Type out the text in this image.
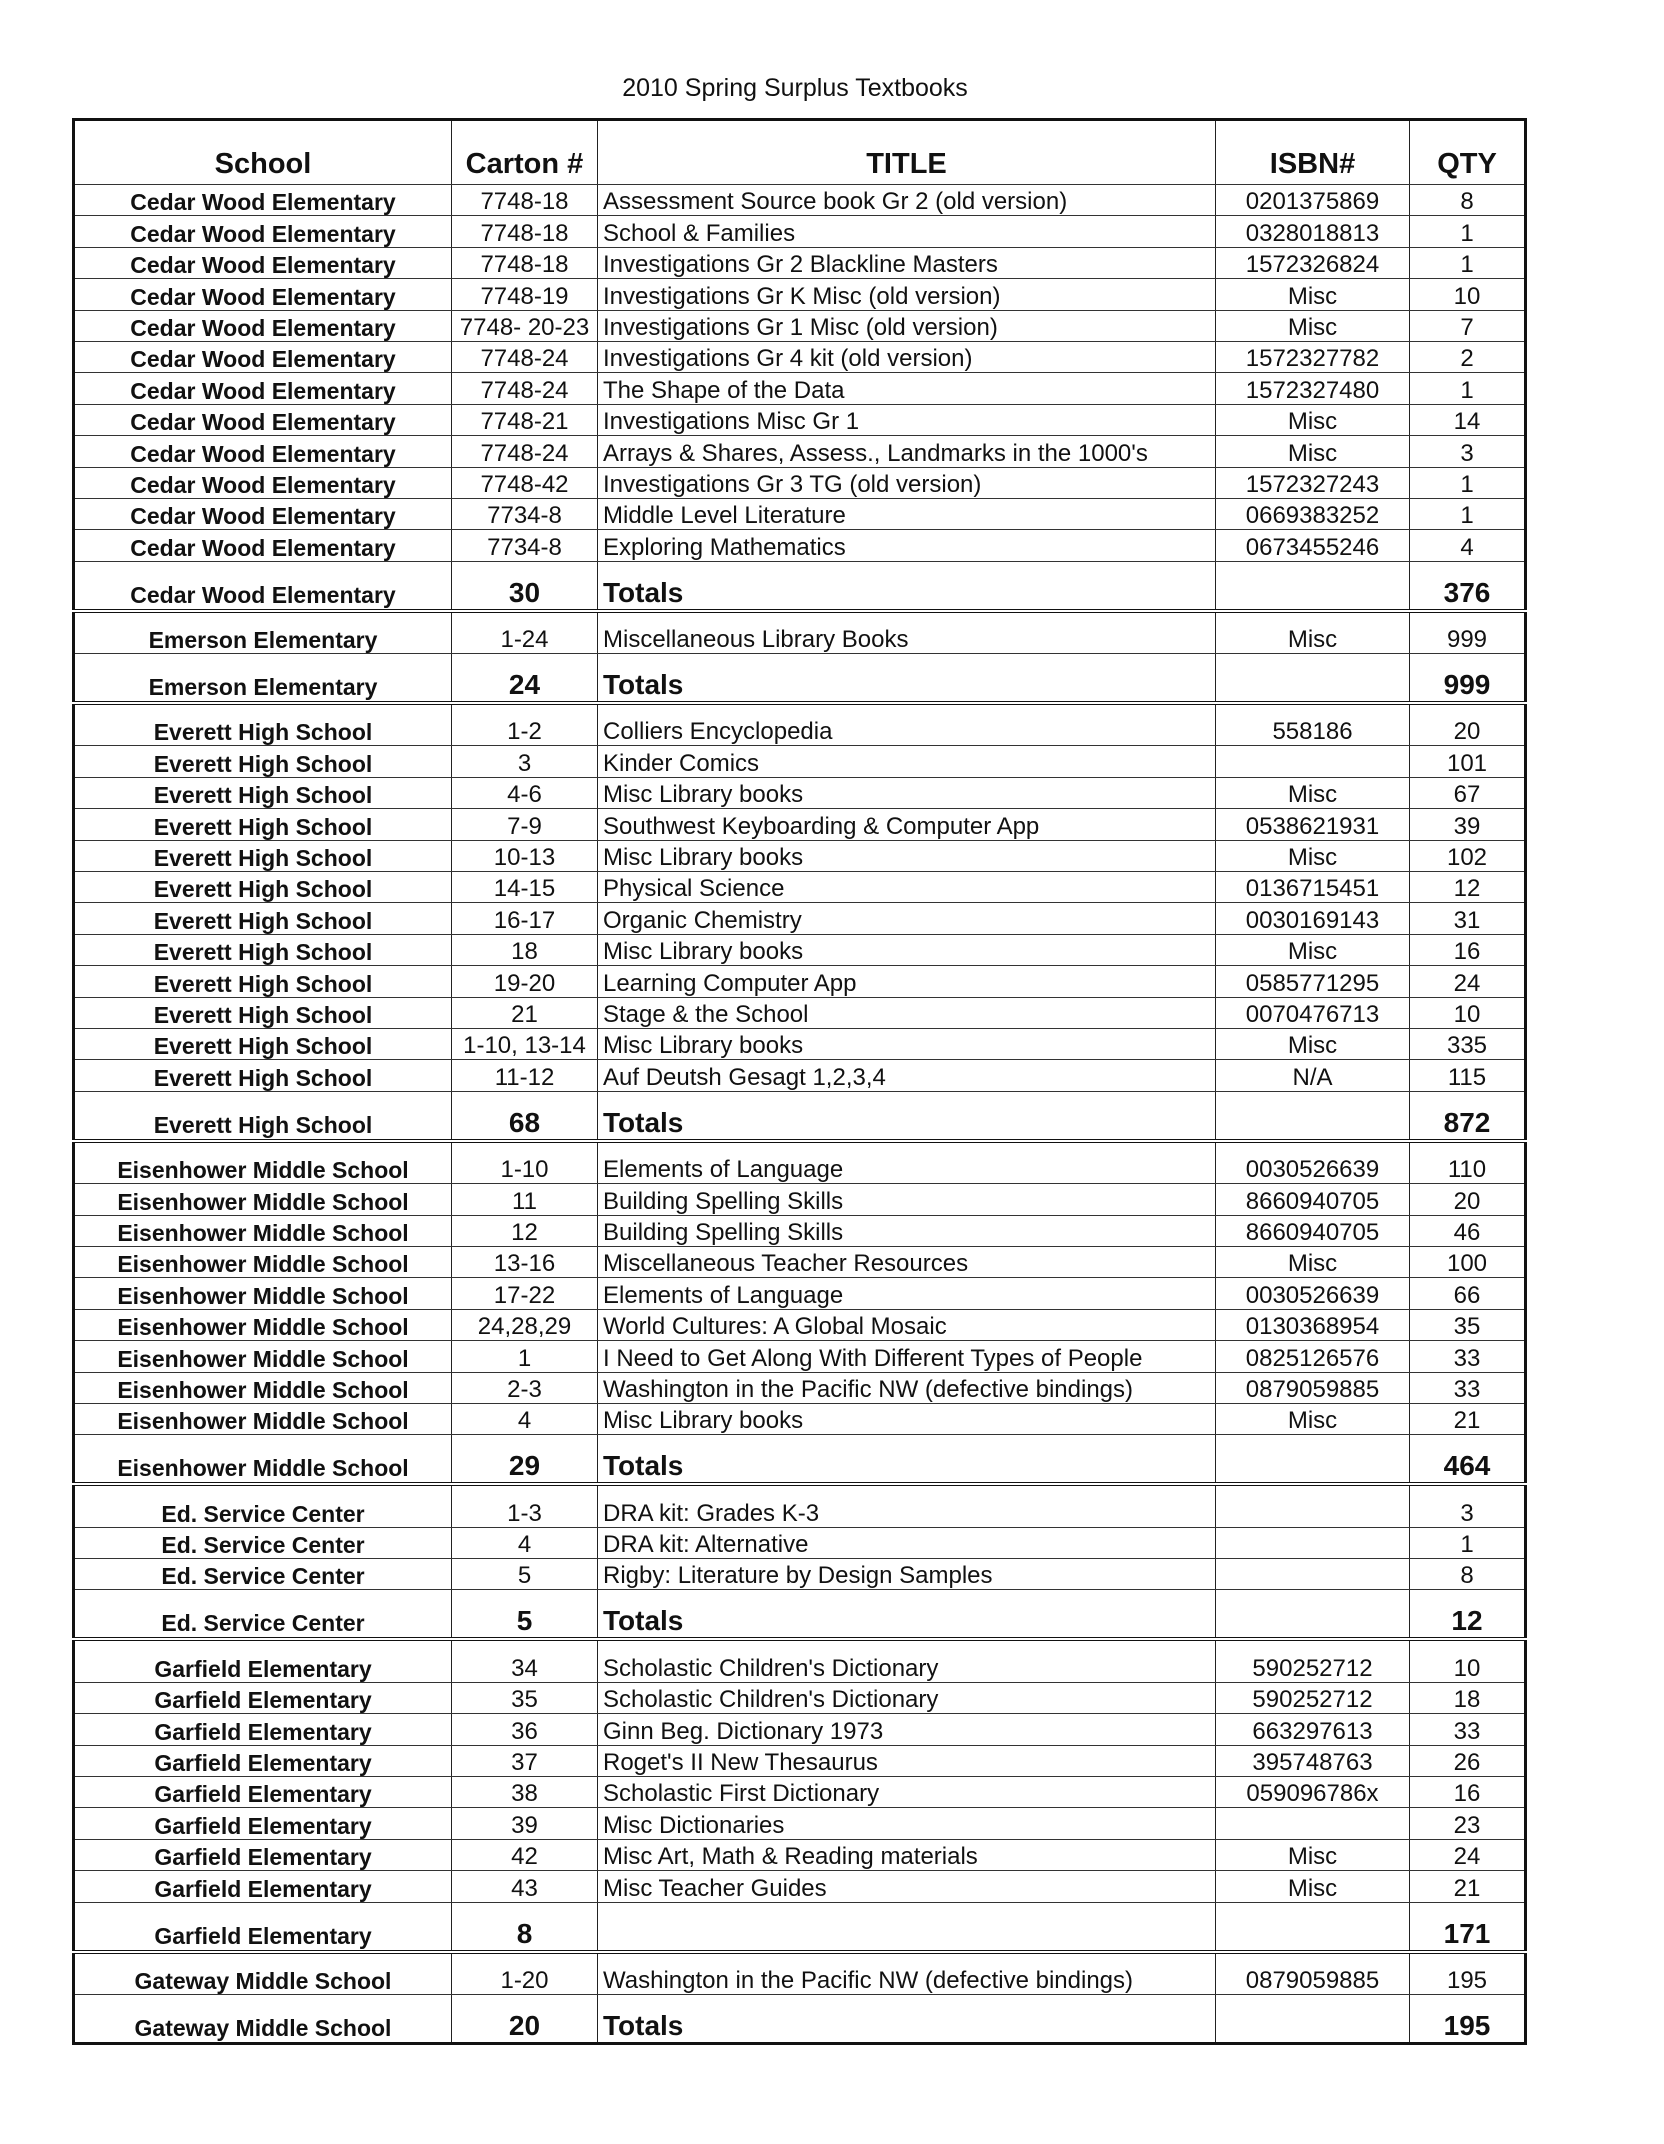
2010 Spring Surplus Textbooks
School	Carton #	TITLE	ISBN#	QTY
Cedar Wood Elementary	7748-18	Assessment Source book Gr 2 (old version)	0201375869	8
Cedar Wood Elementary	7748-18	School & Families	0328018813	1
Cedar Wood Elementary	7748-18	Investigations Gr 2 Blackline Masters	1572326824	1
Cedar Wood Elementary	7748-19	Investigations Gr K Misc (old version)	Misc	10
Cedar Wood Elementary	7748- 20-23	Investigations Gr 1 Misc (old version)	Misc	7
Cedar Wood Elementary	7748-24	Investigations Gr 4 kit (old version)	1572327782	2
Cedar Wood Elementary	7748-24	The Shape of the Data	1572327480	1
Cedar Wood Elementary	7748-21	Investigations Misc Gr 1	Misc	14
Cedar Wood Elementary	7748-24	Arrays & Shares, Assess., Landmarks in the 1000's	Misc	3
Cedar Wood Elementary	7748-42	Investigations Gr 3 TG (old version)	1572327243	1
Cedar Wood Elementary	7734-8	Middle Level Literature	0669383252	1
Cedar Wood Elementary	7734-8	Exploring Mathematics	0673455246	4
Cedar Wood Elementary	30	Totals		376

Emerson Elementary	1-24	Miscellaneous Library Books	Misc	999
Emerson Elementary	24	Totals		999

Everett High School	1-2	Colliers Encyclopedia	558186	20
Everett High School	3	Kinder Comics		101
Everett High School	4-6	Misc Library books	Misc	67
Everett High School	7-9	Southwest Keyboarding & Computer App	0538621931	39
Everett High School	10-13	Misc Library books	Misc	102
Everett High School	14-15	Physical Science	0136715451	12
Everett High School	16-17	Organic Chemistry	0030169143	31
Everett High School	18	Misc Library books	Misc	16
Everett High School	19-20	Learning Computer App	0585771295	24
Everett High School	21	Stage & the School	0070476713	10
Everett High School	1-10, 13-14	Misc Library books	Misc	335
Everett High School	11-12	Auf Deutsh Gesagt 1,2,3,4	N/A	115
Everett High School	68	Totals		872

Eisenhower Middle School	1-10	Elements of Language	0030526639	110
Eisenhower Middle School	11	Building Spelling Skills	8660940705	20
Eisenhower Middle School	12	Building Spelling Skills	8660940705	46
Eisenhower Middle School	13-16	Miscellaneous Teacher Resources	Misc	100
Eisenhower Middle School	17-22	Elements of Language	0030526639	66
Eisenhower Middle School	24,28,29	World Cultures: A Global Mosaic	0130368954	35
Eisenhower Middle School	1	I Need to Get Along With Different Types of People	0825126576	33
Eisenhower Middle School	2-3	Washington in the Pacific NW (defective bindings)	0879059885	33
Eisenhower Middle School	4	Misc Library books	Misc	21
Eisenhower Middle School	29	Totals		464

Ed. Service Center	1-3	DRA kit: Grades K-3		3
Ed. Service Center	4	DRA kit: Alternative		1
Ed. Service Center	5	Rigby: Literature by Design Samples		8
Ed. Service Center	5	Totals		12

Garfield Elementary	34	Scholastic Children's Dictionary	590252712	10
Garfield Elementary	35	Scholastic Children's Dictionary	590252712	18
Garfield Elementary	36	Ginn Beg. Dictionary 1973	663297613	33
Garfield Elementary	37	Roget's II New Thesaurus	395748763	26
Garfield Elementary	38	Scholastic First Dictionary	059096786x	16
Garfield Elementary	39	Misc Dictionaries		23
Garfield Elementary	42	Misc Art, Math & Reading materials	Misc	24
Garfield Elementary	43	Misc Teacher Guides	Misc	21
Garfield Elementary	8			171

Gateway Middle School	1-20	Washington in the Pacific NW (defective bindings)	0879059885	195
Gateway Middle School	20	Totals		195
